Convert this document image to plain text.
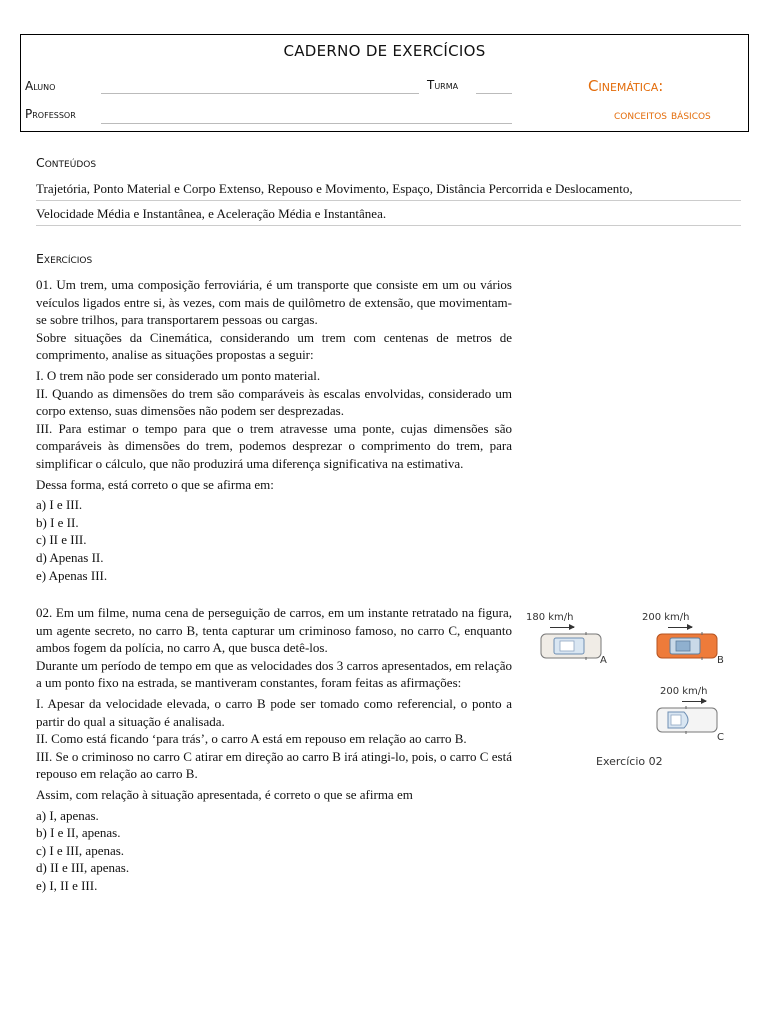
CADERNO DE EXERCÍCIOS
Aluno	Turma
Professor
Cinemática:
conceitos básicos
Conteúdos
Trajetória, Ponto Material e Corpo Extenso, Repouso e Movimento, Espaço, Distância Percorrida e Deslocamento,
Velocidade Média e Instantânea, e Aceleração Média e Instantânea.
Exercícios

01. Um trem, uma composição ferroviária, é um transporte que consiste em um ou vários veículos ligados entre si, às vezes, com mais de quilômetro de extensão, que movimentam-se sobre trilhos, para transportarem pessoas ou cargas.

Sobre situações da Cinemática, considerando um trem com centenas de metros de comprimento, analise as situações propostas a seguir:

I. O trem não pode ser considerado um ponto material.

II. Quando as dimensões do trem são comparáveis às escalas envolvidas, considerado um corpo extenso, suas dimensões não podem ser desprezadas.

III. Para estimar o tempo para que o trem atravesse uma ponte, cujas dimensões são comparáveis às dimensões do trem, podemos desprezar o comprimento do trem, para simplificar o cálculo, que não produzirá uma diferença significativa na estimativa.

Dessa forma, está correto o que se afirma em:

a) I e III.
b) I e II.
c) II e III.
d) Apenas II.
e) Apenas III.

02. Em um filme, numa cena de perseguição de carros, em um instante retratado na figura, um agente secreto, no carro B, tenta capturar um criminoso famoso, no carro C, enquanto ambos fogem da polícia, no carro A, que busca detê-los.

Durante um período de tempo em que as velocidades dos 3 carros apresentados, em relação a um ponto fixo na estrada, se mantiveram constantes, foram feitas as afirmações:

I. Apesar da velocidade elevada, o carro B pode ser tomado como referencial, o ponto a partir do qual a situação é analisada.

II. Como está ficando ‘para trás’, o carro A está em repouso em relação ao carro B.

III. Se o criminoso no carro C atirar em direção ao carro B irá atingi-lo, pois, o carro C está repouso em relação ao carro B.

Assim, com relação à situação apresentada, é correto o que se afirma em

a) I, apenas.
b) I e II, apenas.
c) I e III, apenas.
d) II e III, apenas.
e) I, II e III.
180 km/h
A
200 km/h
B
200 km/h
C
Exercício 02
